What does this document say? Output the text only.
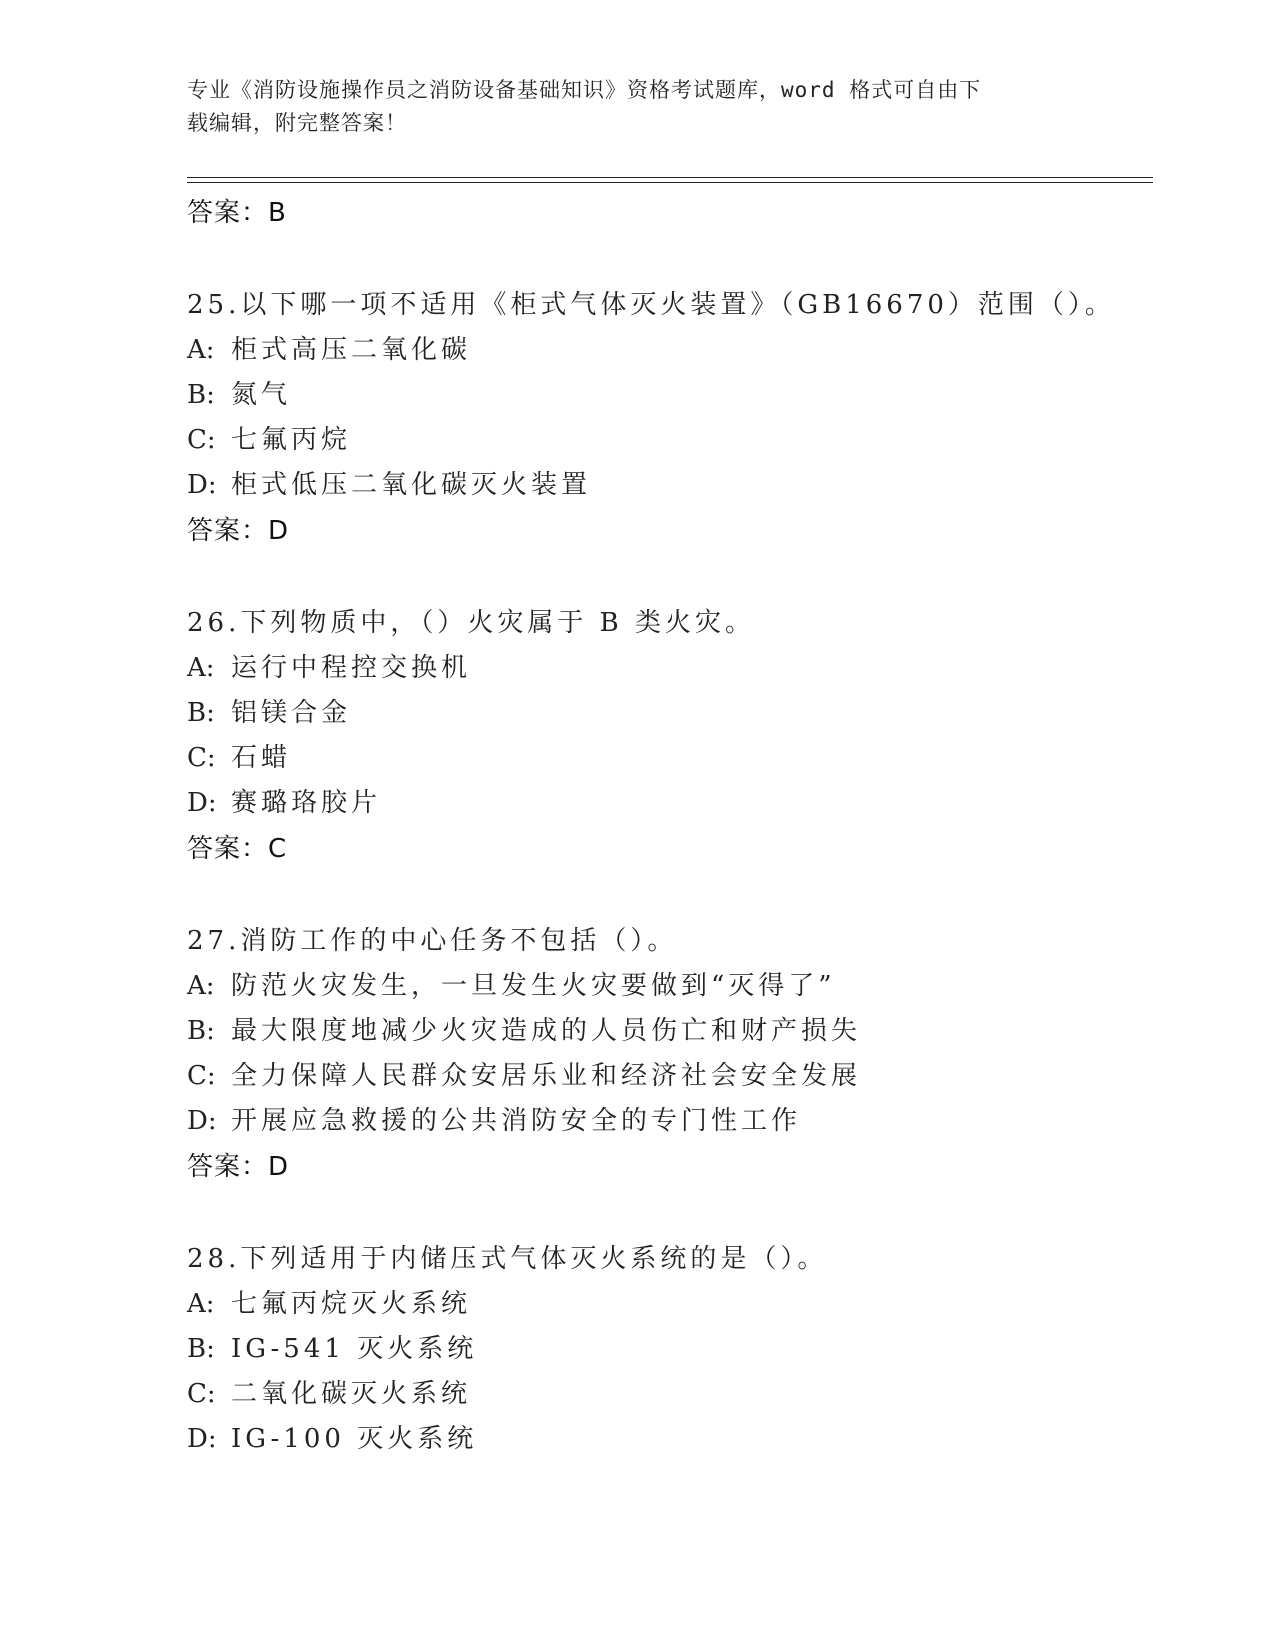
专业《消防设施操作员之消防设备基础知识》资格考试题库，word 格式可自由下
载编辑，附完整答案！
答案：B
25.以下哪一项不适用《柜式气体灭火装置》（GB16670）范围（）。
A: 柜式高压二氧化碳
B: 氮气
C: 七氟丙烷
D: 柜式低压二氧化碳灭火装置
答案：D
26.下列物质中，（）火灾属于 B 类火灾。
A: 运行中程控交换机
B: 铝镁合金
C: 石蜡
D: 赛璐珞胶片
答案：C
27.消防工作的中心任务不包括（）。
A: 防范火灾发生，一旦发生火灾要做到“灭得了”
B: 最大限度地减少火灾造成的人员伤亡和财产损失
C: 全力保障人民群众安居乐业和经济社会安全发展
D: 开展应急救援的公共消防安全的专门性工作
答案：D
28.下列适用于内储压式气体灭火系统的是（）。
A: 七氟丙烷灭火系统
B: IG-541 灭火系统
C: 二氧化碳灭火系统
D: IG-100 灭火系统
